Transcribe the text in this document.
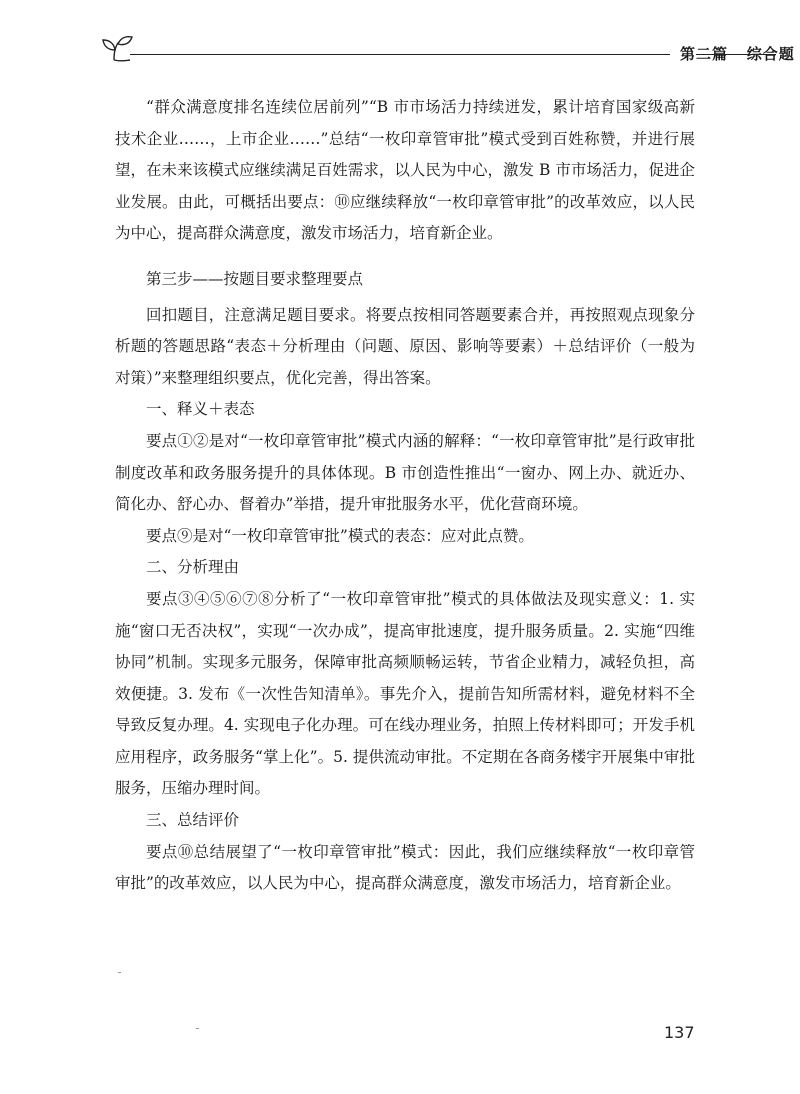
第二篇 综合题

“群众满意度排名连续位居前列”“B 市市场活力持续迸发，累计培育国家级高新技术企业……，上市企业……”总结“一枚印章管审批”模式受到百姓称赞，并进行展望，在未来该模式应继续满足百姓需求，以人民为中心，激发 B 市市场活力，促进企业发展。由此，可概括出要点：⑩应继续释放“一枚印章管审批”的改革效应，以人民为中心，提高群众满意度，激发市场活力，培育新企业。

第三步——按题目要求整理要点

回扣题目，注意满足题目要求。将要点按相同答题要素合并，再按照观点现象分析题的答题思路“表态＋分析理由（问题、原因、影响等要素）＋总结评价（一般为对策）”来整理组织要点，优化完善，得出答案。

一、释义＋表态

要点①②是对“一枚印章管审批”模式内涵的解释：“一枚印章管审批”是行政审批制度改革和政务服务提升的具体体现。B 市创造性推出“一窗办、网上办、就近办、简化办、舒心办、督着办”举措，提升审批服务水平，优化营商环境。

要点⑨是对“一枚印章管审批”模式的表态：应对此点赞。

二、分析理由

要点③④⑤⑥⑦⑧分析了“一枚印章管审批”模式的具体做法及现实意义：1. 实施“窗口无否决权”，实现“一次办成”，提高审批速度，提升服务质量。2. 实施“四维协同”机制。实现多元服务，保障审批高频顺畅运转，节省企业精力，减轻负担，高效便捷。3. 发布《一次性告知清单》。事先介入，提前告知所需材料，避免材料不全导致反复办理。4. 实现电子化办理。可在线办理业务，拍照上传材料即可；开发手机应用程序，政务服务“掌上化”。5. 提供流动审批。不定期在各商务楼宇开展集中审批服务，压缩办理时间。

三、总结评价

要点⑩总结展望了“一枚印章管审批”模式：因此，我们应继续释放“一枚印章管审批”的改革效应，以人民为中心，提高群众满意度，激发市场活力，培育新企业。

137
